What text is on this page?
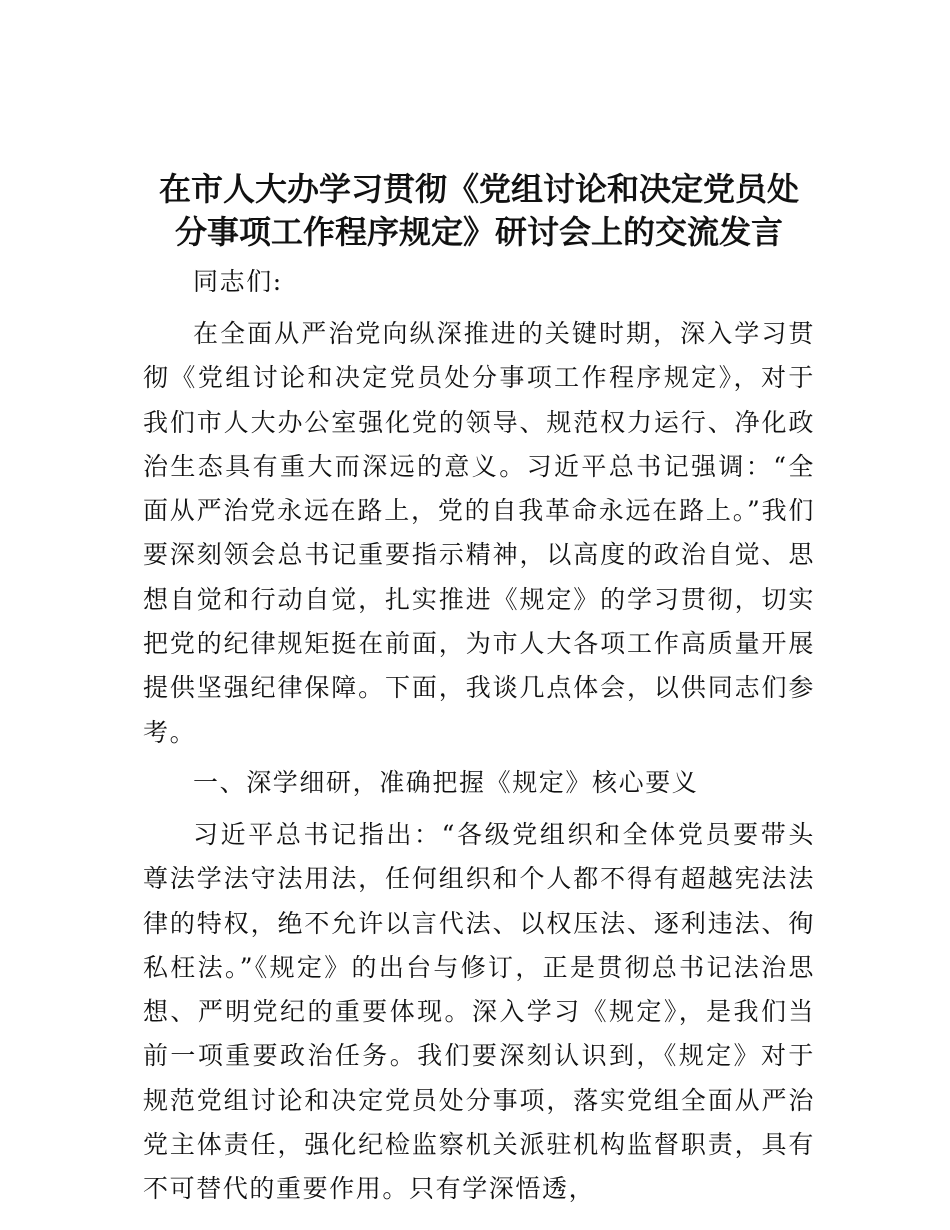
在市人大办学习贯彻《党组讨论和决定党员处
分事项工作程序规定》研讨会上的交流发言

同志们:

在全面从严治党向纵深推进的关键时期，深入学习贯彻《党组讨论和决定党员处分事项工作程序规定》，对于我们市人大办公室强化党的领导、规范权力运行、净化政治生态具有重大而深远的意义。习近平总书记强调：“全面从严治党永远在路上，党的自我革命永远在路上。”我们要深刻领会总书记重要指示精神，以高度的政治自觉、思想自觉和行动自觉，扎实推进《规定》的学习贯彻，切实把党的纪律规矩挺在前面，为市人大各项工作高质量开展提供坚强纪律保障。下面，我谈几点体会，以供同志们参考。

一、深学细研，准确把握《规定》核心要义

习近平总书记指出：“各级党组织和全体党员要带头尊法学法守法用法，任何组织和个人都不得有超越宪法法律的特权，绝不允许以言代法、以权压法、逐利违法、徇私枉法。”《规定》的出台与修订，正是贯彻总书记法治思想、严明党纪的重要体现。深入学习《规定》，是我们当前一项重要政治任务。我们要深刻认识到，《规定》对于规范党组讨论和决定党员处分事项，落实党组全面从严治党主体责任，强化纪检监察机关派驻机构监督职责，具有不可替代的重要作用。只有学深悟透，
